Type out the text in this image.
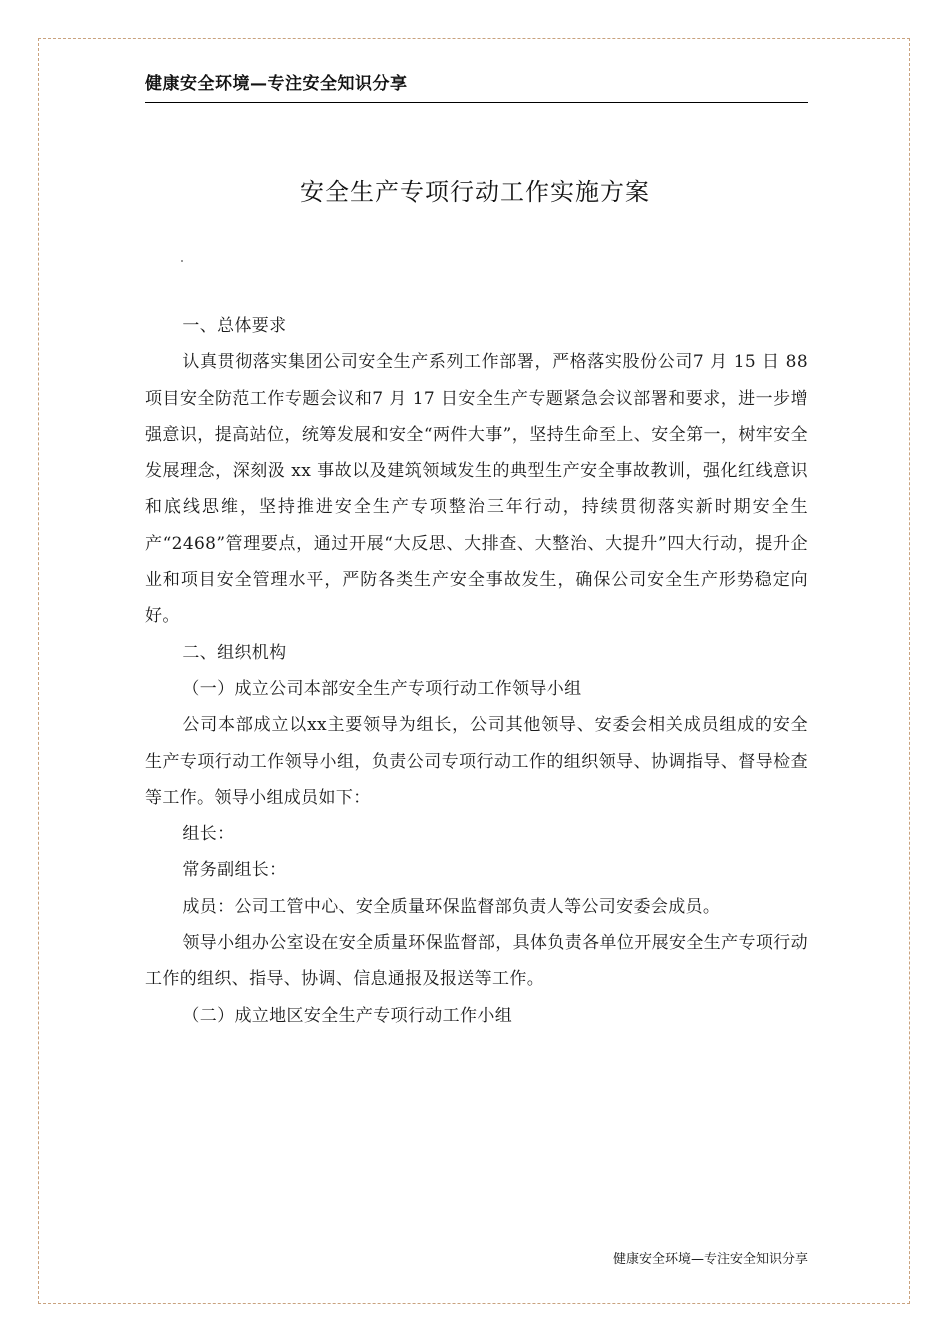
健康安全环境—专注安全知识分享
安全生产专项行动工作实施方案

一、总体要求

认真贯彻落实集团公司安全生产系列工作部署，严格落实股份公司7 月 15 日 88 项目安全防范工作专题会议和7 月 17 日安全生产专题紧急会议部署和要求，进一步增强意识，提高站位，统筹发展和安全“两件大事”，坚持生命至上、安全第一，树牢安全发展理念，深刻汲 xx 事故以及建筑领域发生的典型生产安全事故教训，强化红线意识和底线思维，坚持推进安全生产专项整治三年行动，持续贯彻落实新时期安全生产“2468”管理要点，通过开展“大反思、大排查、大整治、大提升”四大行动，提升企业和项目安全管理水平，严防各类生产安全事故发生，确保公司安全生产形势稳定向好。

二、组织机构

（一）成立公司本部安全生产专项行动工作领导小组

公司本部成立以xx主要领导为组长，公司其他领导、安委会相关成员组成的安全生产专项行动工作领导小组，负责公司专项行动工作的组织领导、协调指导、督导检查等工作。领导小组成员如下：

组长：

常务副组长：

成员：公司工管中心、安全质量环保监督部负责人等公司安委会成员。

领导小组办公室设在安全质量环保监督部，具体负责各单位开展安全生产专项行动工作的组织、指导、协调、信息通报及报送等工作。

（二）成立地区安全生产专项行动工作小组

健康安全环境—专注安全知识分享
